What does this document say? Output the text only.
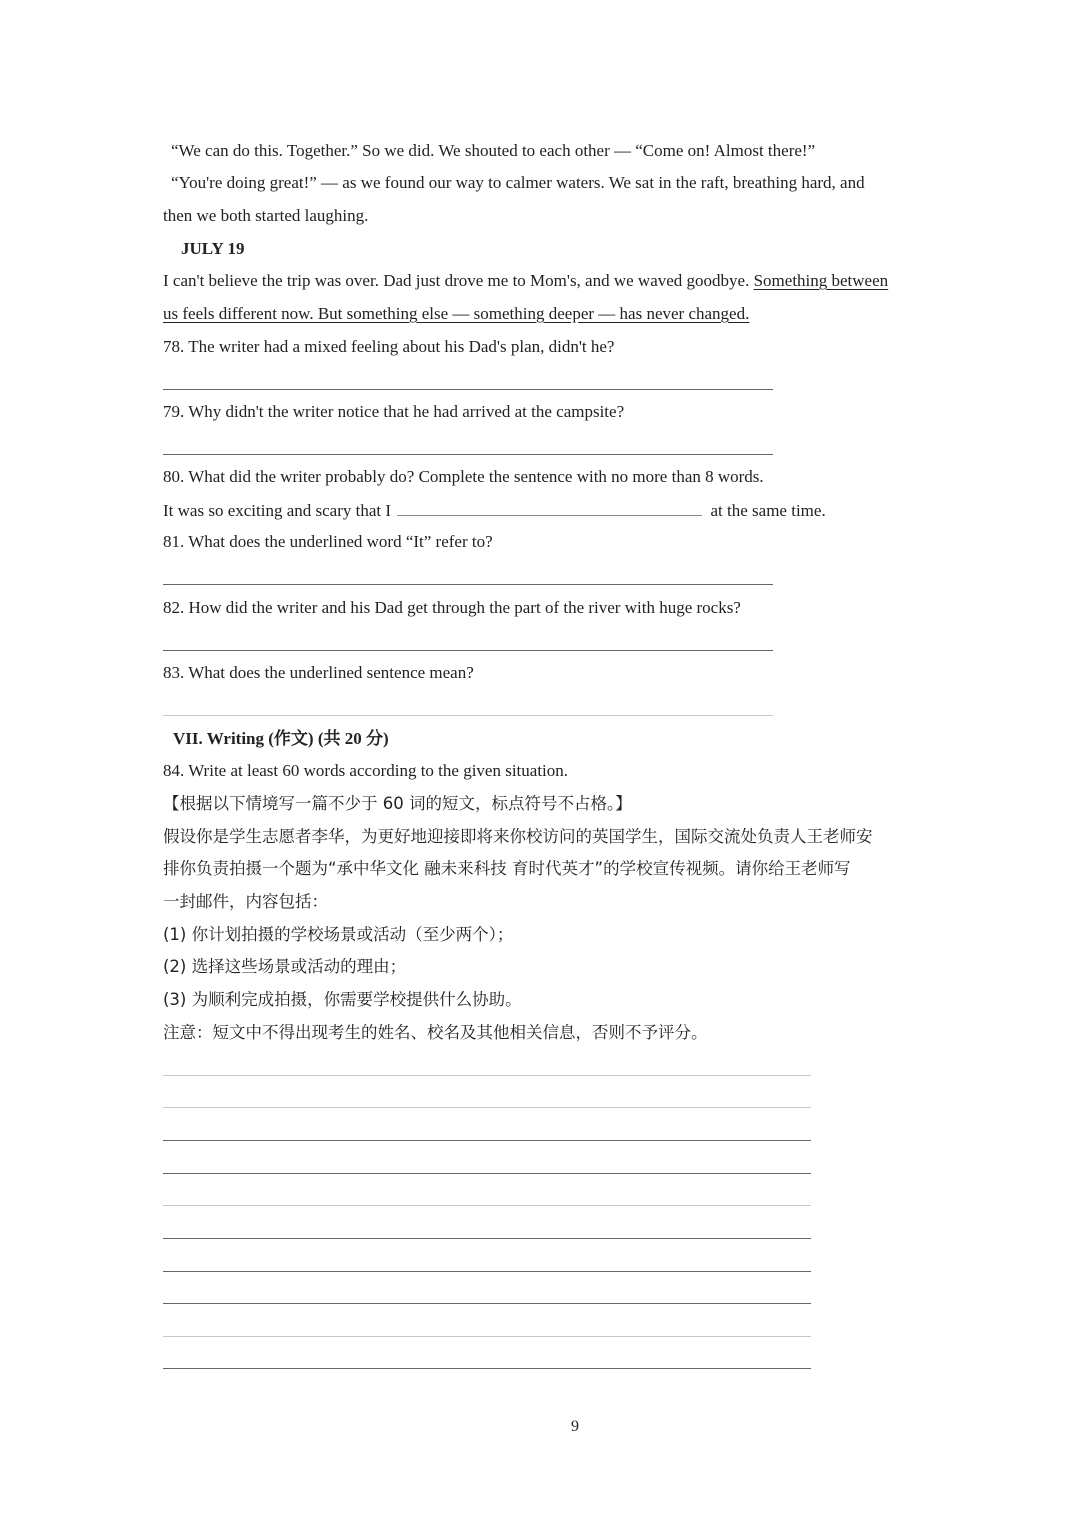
“We can do this. Together.” So we did. We shouted to each other — “Come on! Almost there!”
“You're doing great!” — as we found our way to calmer waters. We sat in the raft, breathing hard, and
then we both started laughing.
JULY 19
I can't believe the trip was over. Dad just drove me to Mom's, and we waved goodbye. Something between
us feels different now. But something else — something deeper — has never changed.
78. The writer had a mixed feeling about his Dad's plan, didn't he?
79. Why didn't the writer notice that he had arrived at the campsite?
80. What did the writer probably do? Complete the sentence with no more than 8 words.
It was so exciting and scary that I	at the same time.
81. What does the underlined word “It” refer to?
82. How did the writer and his Dad get through the part of the river with huge rocks?
83. What does the underlined sentence mean?
VII. Writing (作文) (共 20 分)
84. Write at least 60 words according to the given situation.
【根据以下情境写一篇不少于 60 词的短文，标点符号不占格。】
假设你是学生志愿者李华，为更好地迎接即将来你校访问的英国学生，国际交流处负责人王老师安
排你负责拍摄一个题为“承中华文化 融未来科技 育时代英才”的学校宣传视频。请你给王老师写
一封邮件，内容包括：
(1) 你计划拍摄的学校场景或活动（至少两个）；
(2) 选择这些场景或活动的理由；
(3) 为顺利完成拍摄，你需要学校提供什么协助。
注意：短文中不得出现考生的姓名、校名及其他相关信息，否则不予评分。
9
